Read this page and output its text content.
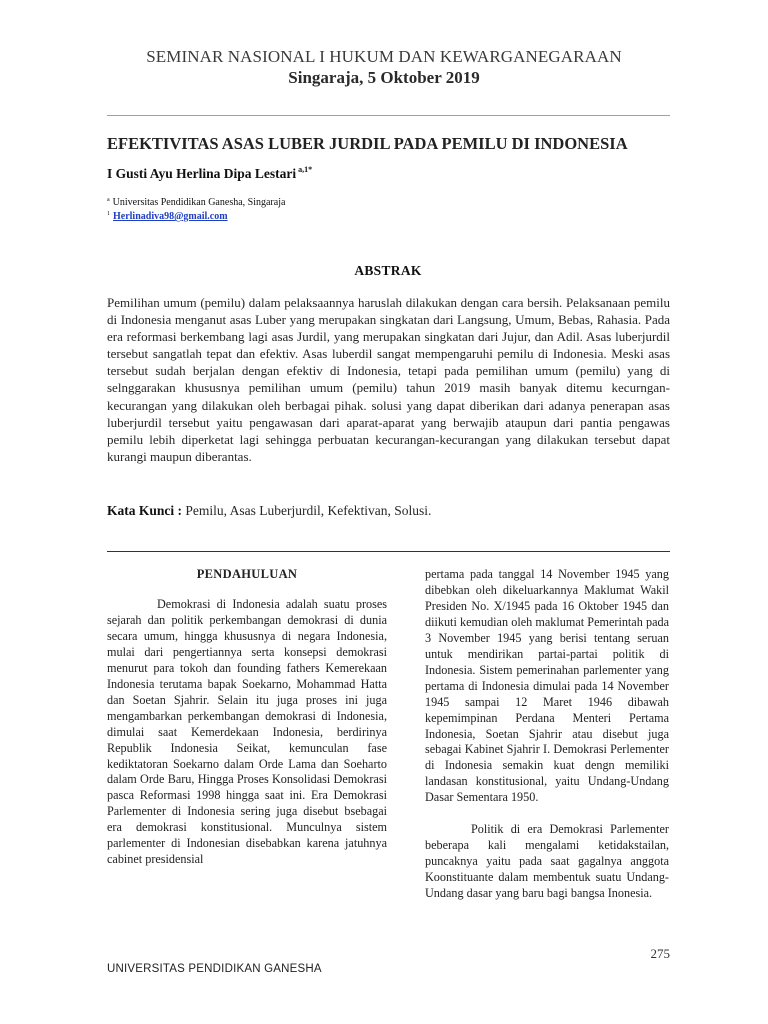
SEMINAR NASIONAL I HUKUM DAN KEWARGANEGARAAN
Singaraja, 5 Oktober 2019
EFEKTIVITAS ASAS LUBER JURDIL PADA PEMILU DI INDONESIA
I Gusti Ayu Herlina Dipa Lestari $^{a,1*}$
$^a$ Universitas Pendidikan Ganesha, Singaraja
$^1$ Herlinadiva98@gmail.com
ABSTRAK
Pemilihan umum (pemilu) dalam pelaksaannya haruslah dilakukan dengan cara bersih. Pelaksanaan pemilu di Indonesia menganut asas Luber yang merupakan singkatan dari Langsung, Umum, Bebas, Rahasia. Pada era reformasi berkembang lagi asas Jurdil, yang merupakan singkatan dari Jujur, dan Adil. Asas luberjurdil tersebut sangatlah tepat dan efektiv. Asas luberdil sangat mempengaruhi pemilu di Indonesia. Meski asas tersebut sudah berjalan dengan efektiv di Indonesia, tetapi pada pemilihan umum (pemilu) yang di selnggarakan khususnya pemilihan umum (pemilu) tahun 2019 masih banyak ditemu kecurngan-kecurangan yang dilakukan oleh berbagai pihak. solusi yang dapat diberikan dari adanya penerapan asas luberjurdil tersebut yaitu pengawasan dari aparat-aparat yang berwajib ataupun dari pantia pengawas pemilu lebih diperketat lagi sehingga perbuatan kecurangan-kecurangan yang dilakukan tersebut dapat kurangi maupun diberantas.
Kata Kunci : Pemilu, Asas Luberjurdil, Kefektivan, Solusi.
PENDAHULUAN

Demokrasi di Indonesia adalah suatu proses sejarah dan politik perkembangan demokrasi di dunia secara umum, hingga khususnya di negara Indonesia, mulai dari pengertiannya serta konsepsi demokrasi menurut para tokoh dan founding fathers Kemerekaan Indonesia terutama bapak Soekarno, Mohammad Hatta dan Soetan Sjahrir. Selain itu juga proses ini juga mengambarkan perkembangan demokrasi di Indonesia, dimulai saat Kemerdekaan Indonesia, berdirinya Republik Indonesia Seikat, kemunculan fase kediktatoran Soekarno dalam Orde Lama dan Soeharto dalam Orde Baru, Hingga Proses Konsolidasi Demokrasi pasca Reformasi 1998 hingga saat ini. Era Demokrasi Parlementer di Indonesia sering juga disebut bsebagai era demokrasi konstitusional. Munculnya sistem parlementer di Indonesian disebabkan karena jatuhnya cabinet presidensial

pertama pada tanggal 14 November 1945 yang dibebkan oleh dikeluarkannya Maklumat Wakil Presiden No. X/1945 pada 16 Oktober 1945 dan diikuti kemudian oleh maklumat Pemerintah pada 3 November 1945 yang berisi tentang seruan untuk mendirikan partai-partai politik di Indonesia. Sistem pemerinahan parlementer yang pertama di Indonesia dimulai pada 14 November 1945 sampai 12 Maret 1946 dibawah kepemimpinan Perdana Menteri Pertama Indonesia, Soetan Sjahrir atau disebut juga sebagai Kabinet Sjahrir I. Demokrasi Perlementer di Indonesia semakin kuat dengn memiliki landasan konstitusional, yaitu Undang-Undang Dasar Sementara 1950.

Politik di era Demokrasi Parlementer beberapa kali mengalami ketidakstailan, puncaknya yaitu pada saat gagalnya anggota Koonstituante dalam membentuk suatu Undang-Undang dasar yang baru bagi bangsa Inonesia.

275
UNIVERSITAS PENDIDIKAN GANESHA
